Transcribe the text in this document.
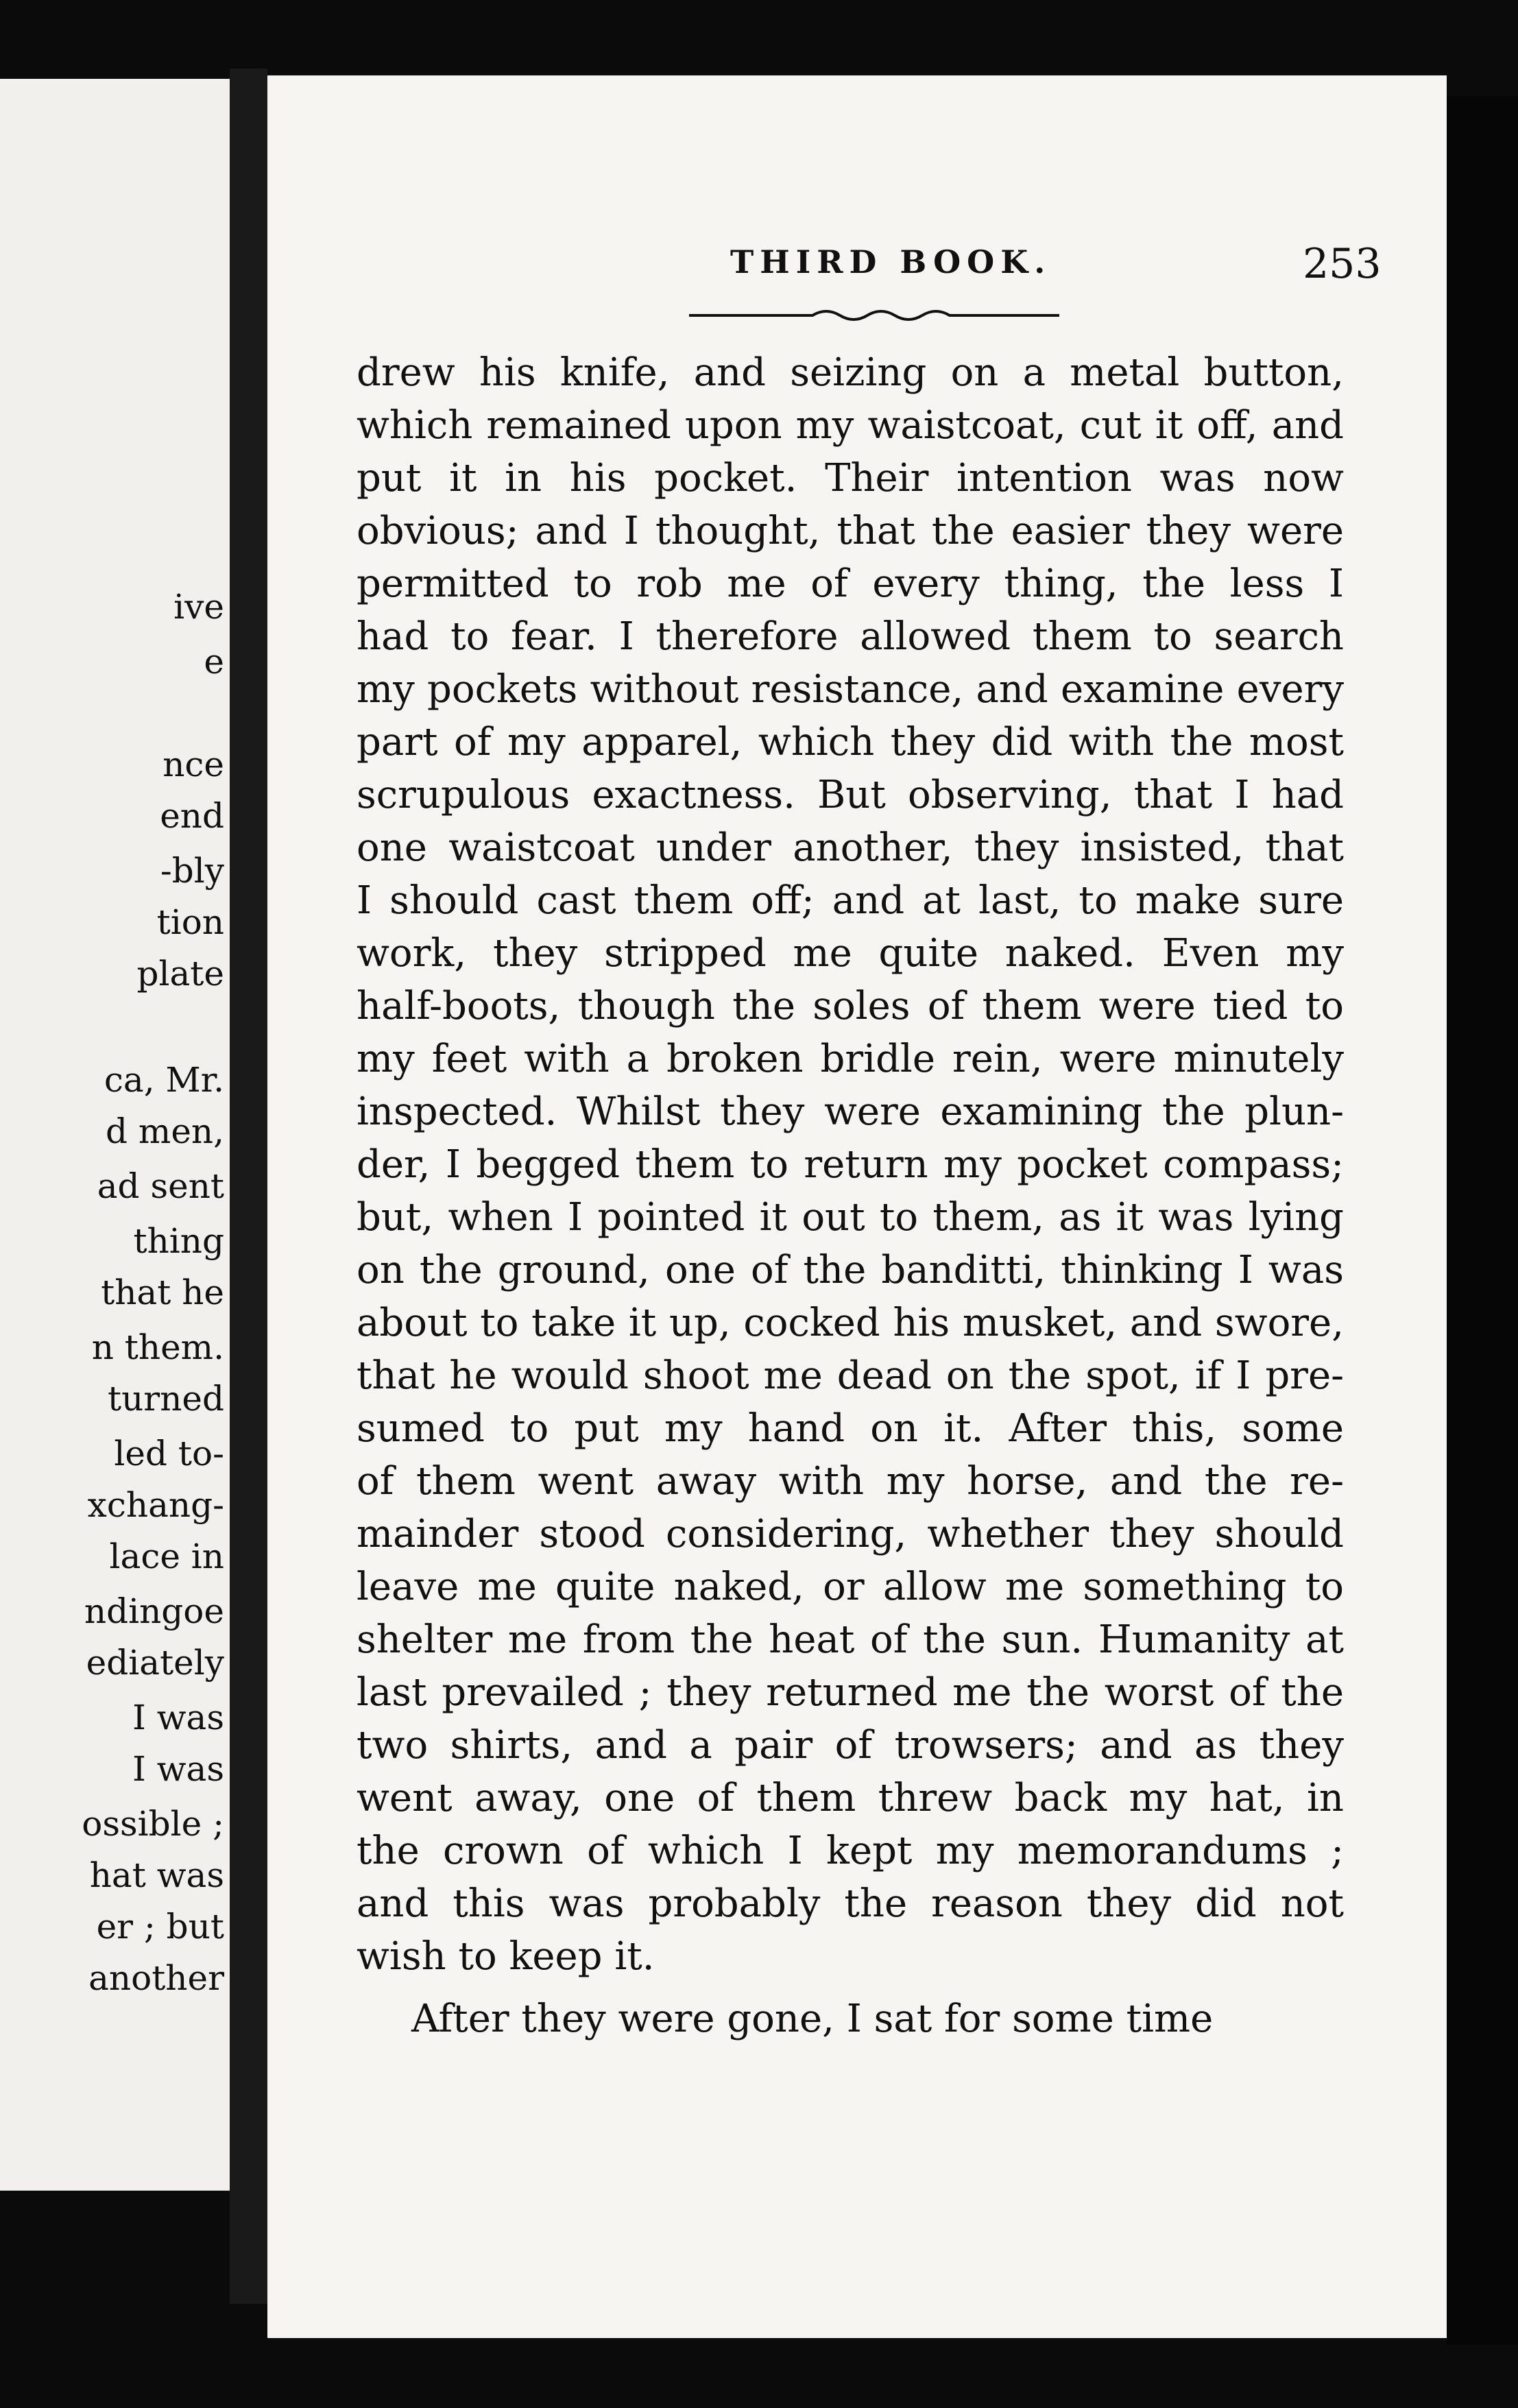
ive
e
nce
end
-bly
tion
plate
ca, Mr.
d men,
ad sent
thing
that he
n them.
turned
led to-
xchang-
lace in
ndingoe
ediately
I was
I was
ossible ;
hat was
er ; but
another
THIRD BOOK.	253
drew his knife, and seizing on a metal button,
which remained upon my waistcoat, cut it off, and
put it in his pocket. Their intention was now
obvious; and I thought, that the easier they were
permitted to rob me of every thing, the less I
had to fear. I therefore allowed them to search
my pockets without resistance, and examine every
part of my apparel, which they did with the most
scrupulous exactness. But observing, that I had
one waistcoat under another, they insisted, that
I should cast them off; and at last, to make sure
work, they stripped me quite naked. Even my
half-boots, though the soles of them were tied to
my feet with a broken bridle rein, were minutely
inspected. Whilst they were examining the plun-
der, I begged them to return my pocket compass;
but, when I pointed it out to them, as it was lying
on the ground, one of the banditti, thinking I was
about to take it up, cocked his musket, and swore,
that he would shoot me dead on the spot, if I pre-
sumed to put my hand on it. After this, some
of them went away with my horse, and the re-
mainder stood considering, whether they should
leave me quite naked, or allow me something to
shelter me from the heat of the sun. Humanity at
last prevailed ; they returned me the worst of the
two shirts, and a pair of trowsers; and as they
went away, one of them threw back my hat, in
the crown of which I kept my memorandums ;
and this was probably the reason they did not
wish to keep it.
After they were gone, I sat for some time
